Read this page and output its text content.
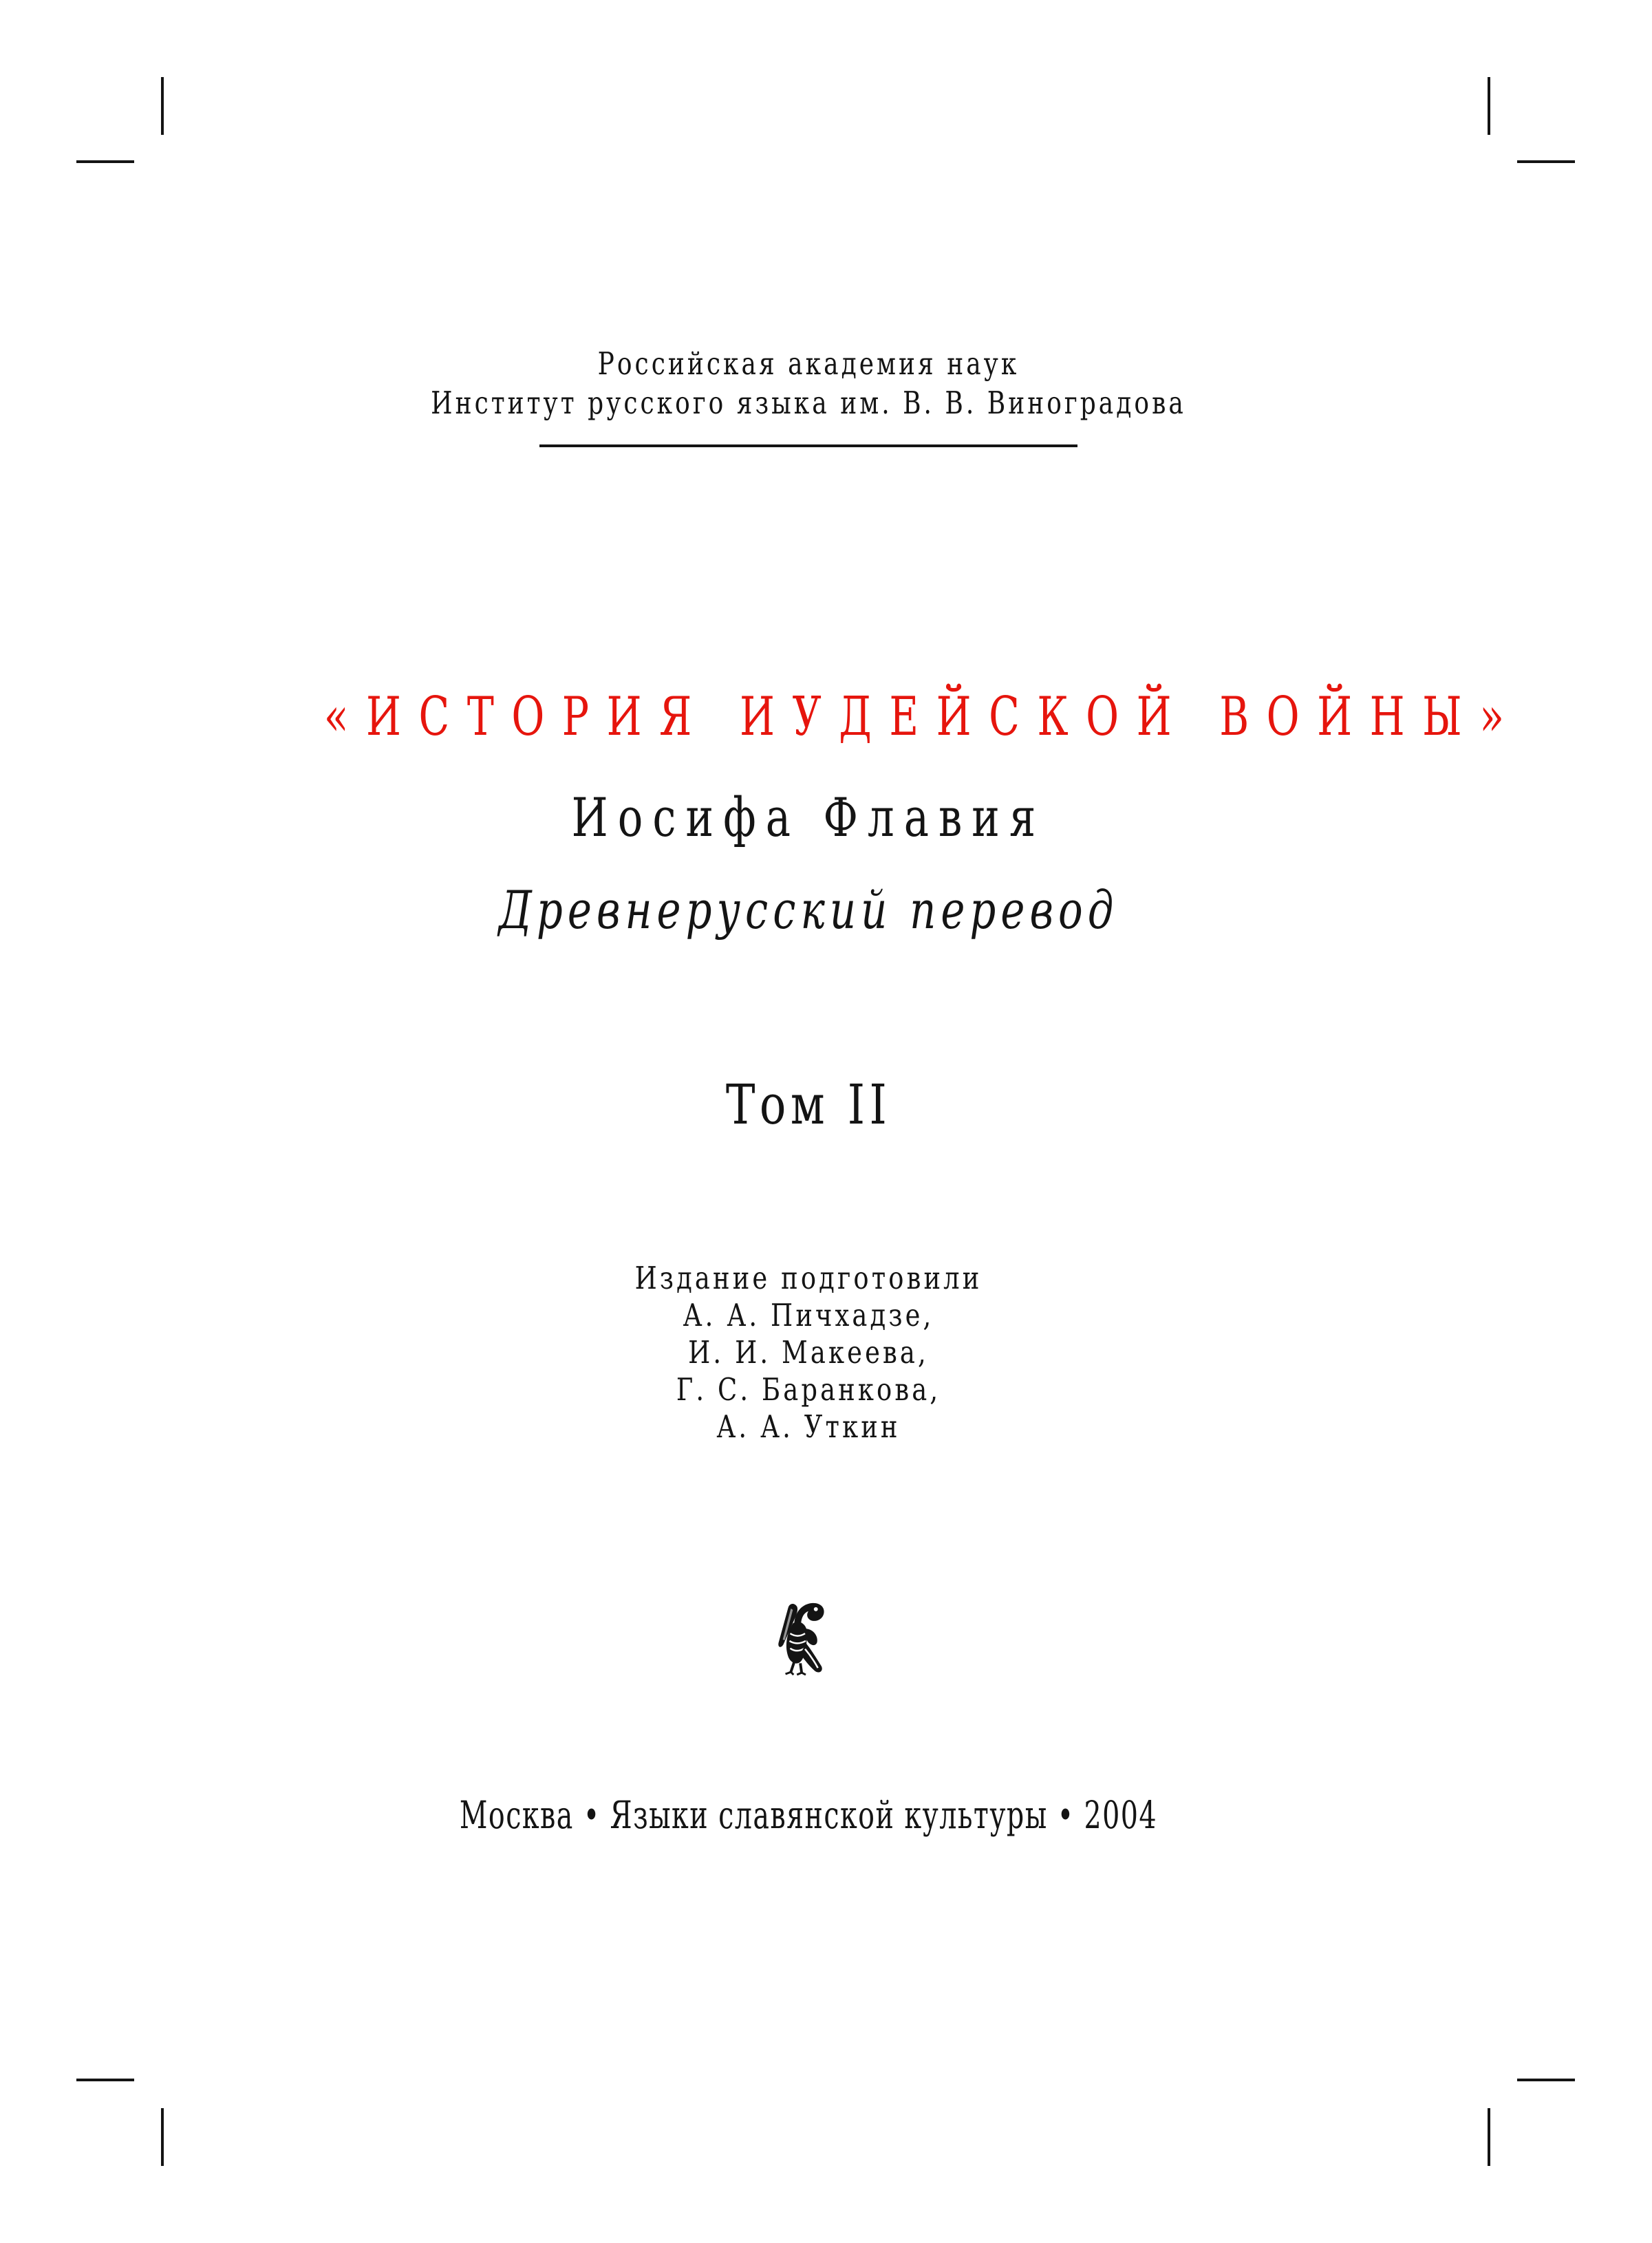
Российская академия наук
Институт русского языка им. В. В. Виноградова
«ИСТОРИЯ ИУДЕЙСКОЙ ВОЙНЫ»
Иосифа Флавия
Древнерусский перевод
Том II
Издание подготовили
А. А. Пичхадзе,
И. И. Макеева,
Г. С. Баранкова,
А. А. Уткин
Москва • Языки славянской культуры • 2004
